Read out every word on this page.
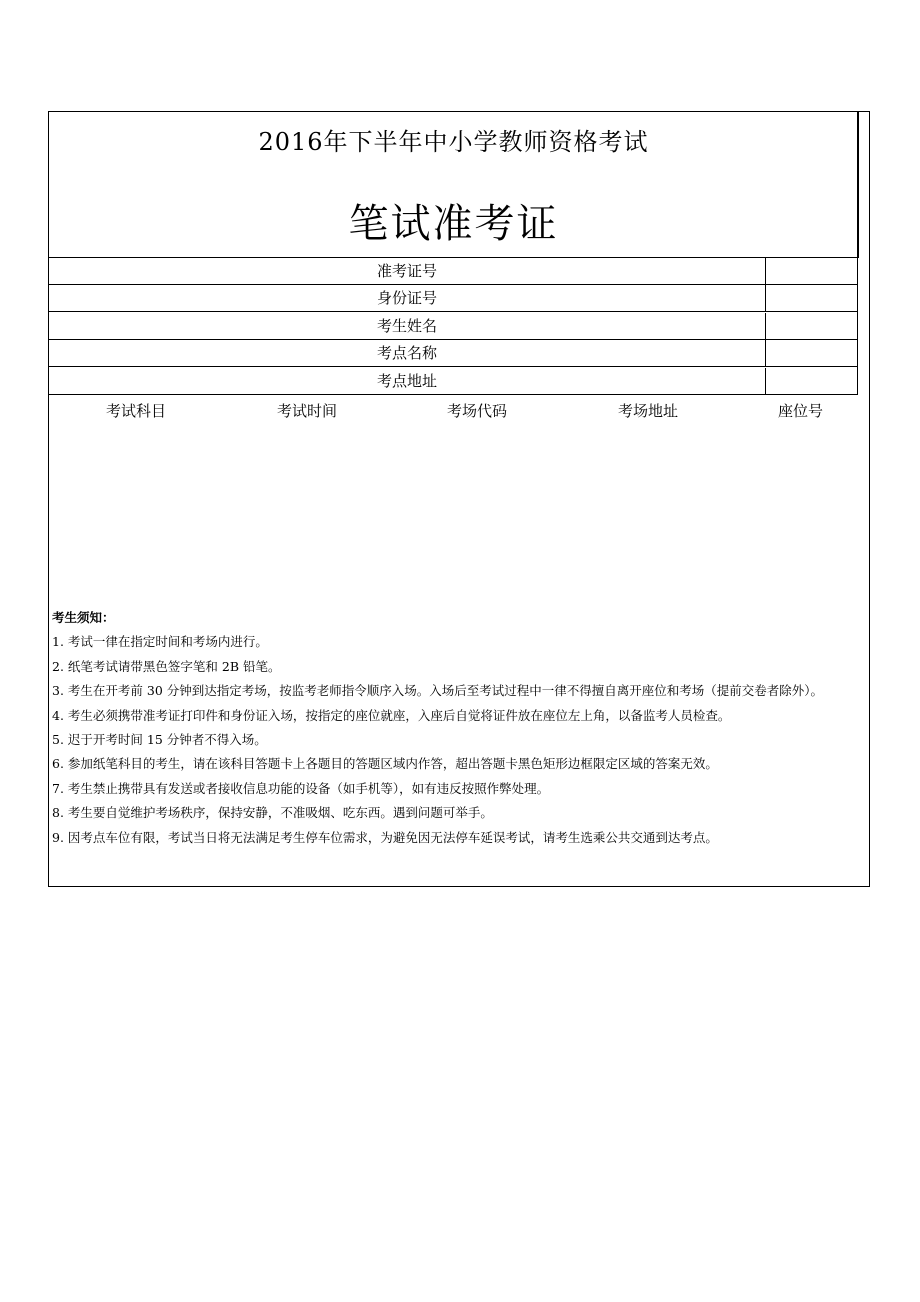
2016年下半年中小学教师资格考试
笔试准考证
准考证号
身份证号
考生姓名
考点名称
考点地址
考试科目	考试时间	考场代码	考场地址	座位号

考生须知：

1. 考试一律在指定时间和考场内进行。

2. 纸笔考试请带黑色签字笔和 2B 铅笔。

3. 考生在开考前 30 分钟到达指定考场，按监考老师指令顺序入场。入场后至考试过程中一律不得擅自离开座位和考场（提前交卷者除外）。

4. 考生必须携带准考证打印件和身份证入场，按指定的座位就座，入座后自觉将证件放在座位左上角，以备监考人员检查。

5. 迟于开考时间 15 分钟者不得入场。

6. 参加纸笔科目的考生，请在该科目答题卡上各题目的答题区域内作答，超出答题卡黑色矩形边框限定区域的答案无效。

7. 考生禁止携带具有发送或者接收信息功能的设备（如手机等），如有违反按照作弊处理。

8. 考生要自觉维护考场秩序，保持安静，不准吸烟、吃东西。遇到问题可举手。

9. 因考点车位有限，考试当日将无法满足考生停车位需求，为避免因无法停车延误考试，请考生选乘公共交通到达考点。
